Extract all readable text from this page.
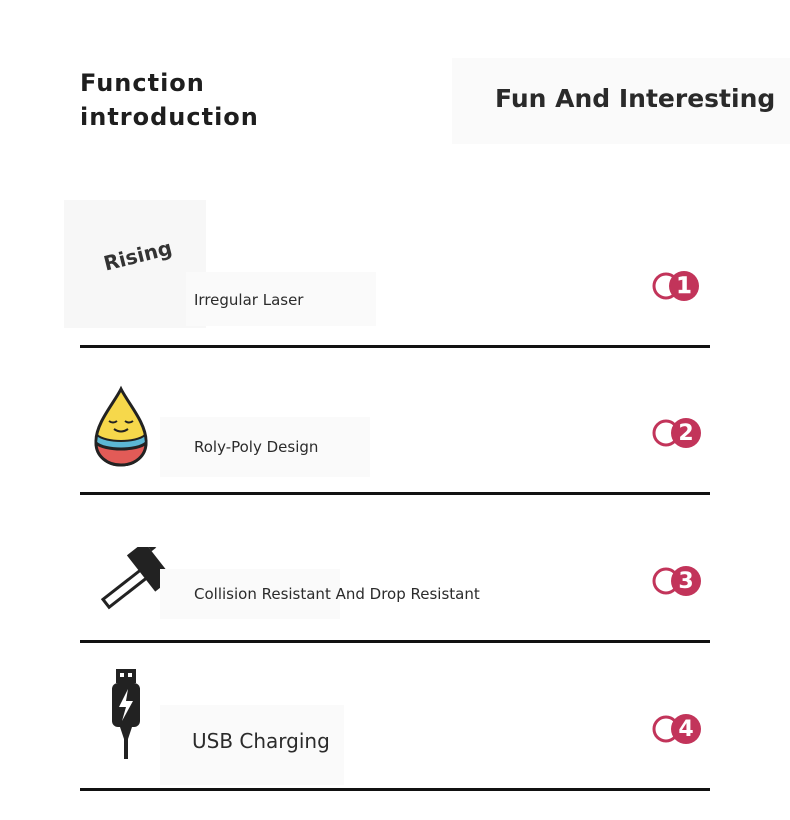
Function
introduction
Fun And Interesting
Rising
Irregular Laser
1
Roly-Poly Design
2
Collision Resistant And Drop Resistant	3
USB Charging	4
